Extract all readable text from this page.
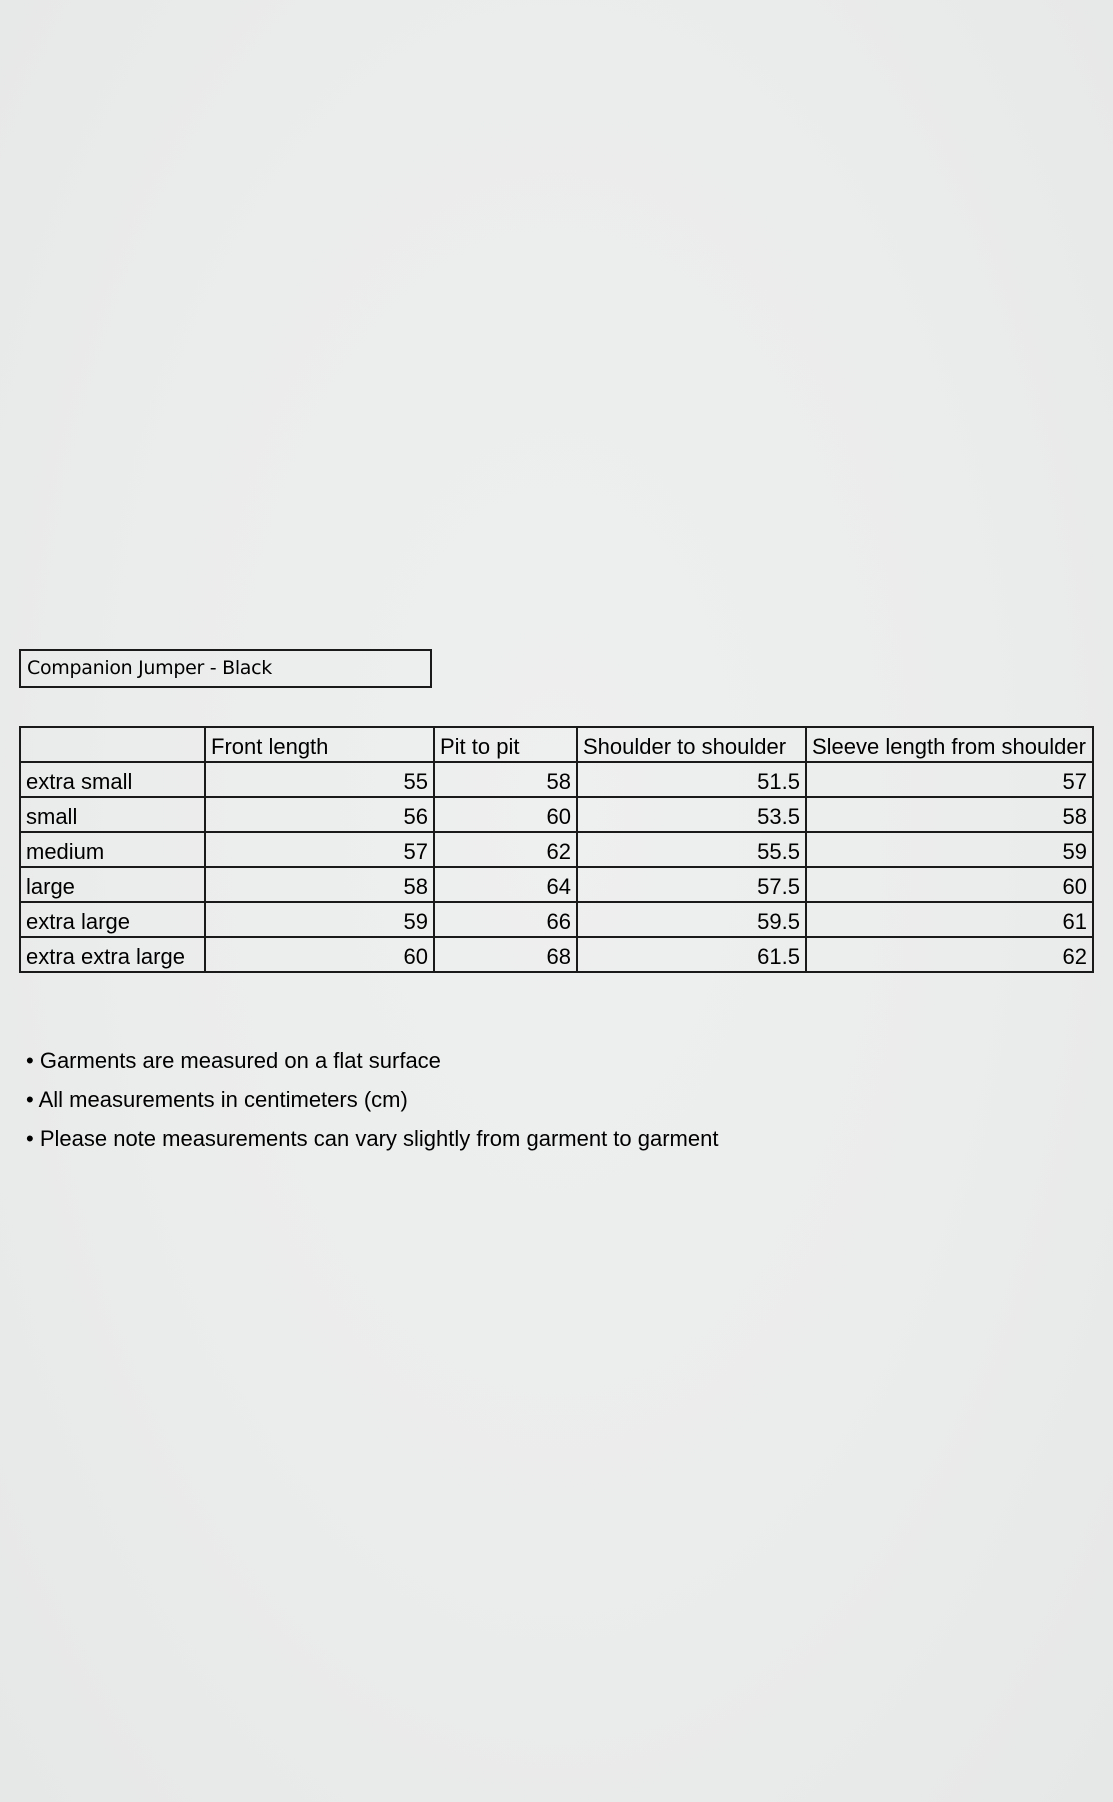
Companion Jumper - Black
	Front length	Pit to pit	Shoulder to shoulder	Sleeve length from shoulder
extra small	55	58	51.5	57
small	56	60	53.5	58
medium	57	62	55.5	59
large	58	64	57.5	60
extra large	59	66	59.5	61
extra extra large	60	68	61.5	62
• Garments are measured on a flat surface
• All measurements in centimeters (cm)
• Please note measurements can vary slightly from garment to garment
